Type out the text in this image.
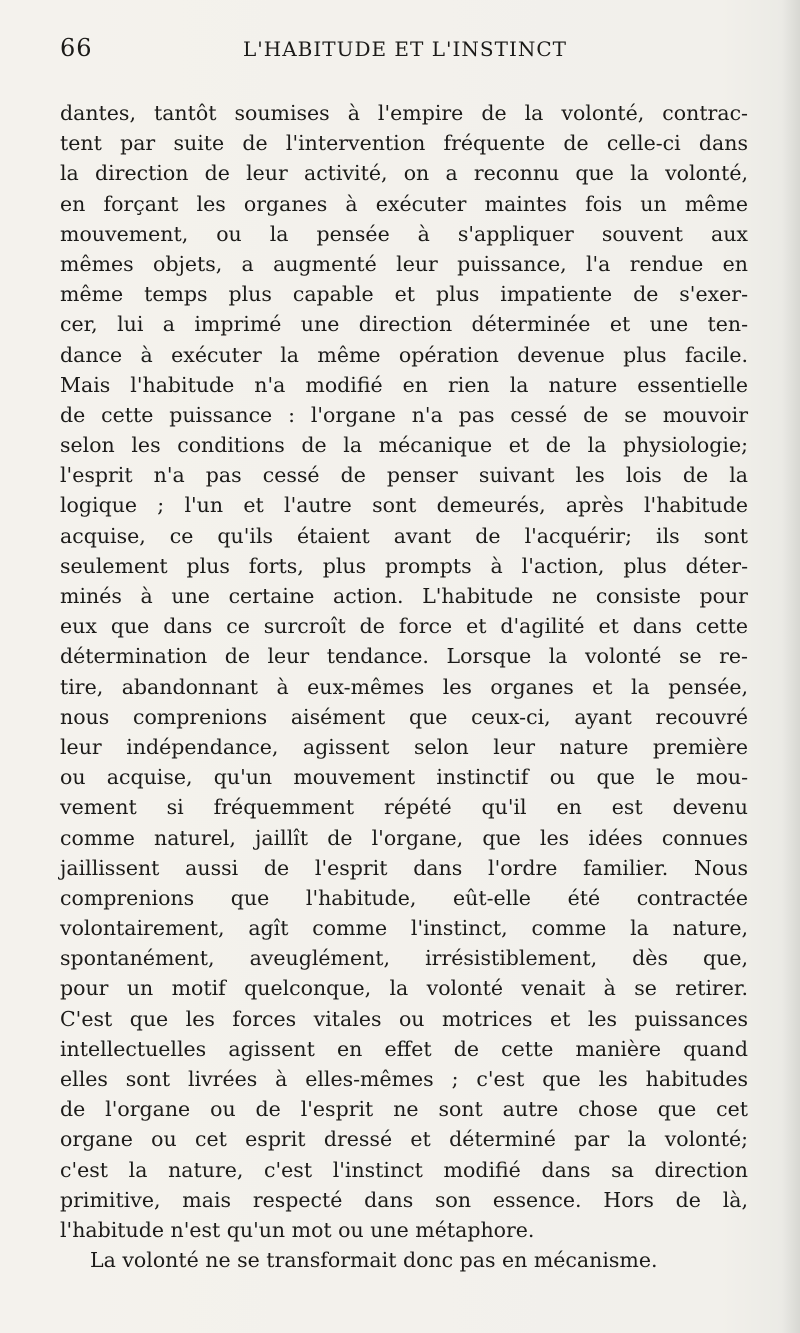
66	L'HABITUDE ET L'INSTINCT
dantes, tantôt soumises à l'empire de la volonté, contrac-
tent par suite de l'intervention fréquente de celle-ci dans
la direction de leur activité, on a reconnu que la volonté,
en forçant les organes à exécuter maintes fois un même
mouvement, ou la pensée à s'appliquer souvent aux
mêmes objets, a augmenté leur puissance, l'a rendue en
même temps plus capable et plus impatiente de s'exer-
cer, lui a imprimé une direction déterminée et une ten-
dance à exécuter la même opération devenue plus facile.
Mais l'habitude n'a modifié en rien la nature essentielle
de cette puissance : l'organe n'a pas cessé de se mouvoir
selon les conditions de la mécanique et de la physiologie;
l'esprit n'a pas cessé de penser suivant les lois de la
logique ; l'un et l'autre sont demeurés, après l'habitude
acquise, ce qu'ils étaient avant de l'acquérir; ils sont
seulement plus forts, plus prompts à l'action, plus déter-
minés à une certaine action. L'habitude ne consiste pour
eux que dans ce surcroît de force et d'agilité et dans cette
détermination de leur tendance. Lorsque la volonté se re-
tire, abandonnant à eux-mêmes les organes et la pensée,
nous comprenions aisément que ceux-ci, ayant recouvré
leur indépendance, agissent selon leur nature première
ou acquise, qu'un mouvement instinctif ou que le mou-
vement si fréquemment répété qu'il en est devenu
comme naturel, jaillît de l'organe, que les idées connues
jaillissent aussi de l'esprit dans l'ordre familier. Nous
comprenions que l'habitude, eût-elle été contractée
volontairement, agît comme l'instinct, comme la nature,
spontanément, aveuglément, irrésistiblement, dès que,
pour un motif quelconque, la volonté venait à se retirer.
C'est que les forces vitales ou motrices et les puissances
intellectuelles agissent en effet de cette manière quand
elles sont livrées à elles-mêmes ; c'est que les habitudes
de l'organe ou de l'esprit ne sont autre chose que cet
organe ou cet esprit dressé et déterminé par la volonté;
c'est la nature, c'est l'instinct modifié dans sa direction
primitive, mais respecté dans son essence. Hors de là,
l'habitude n'est qu'un mot ou une métaphore.
La volonté ne se transformait donc pas en mécanisme.
